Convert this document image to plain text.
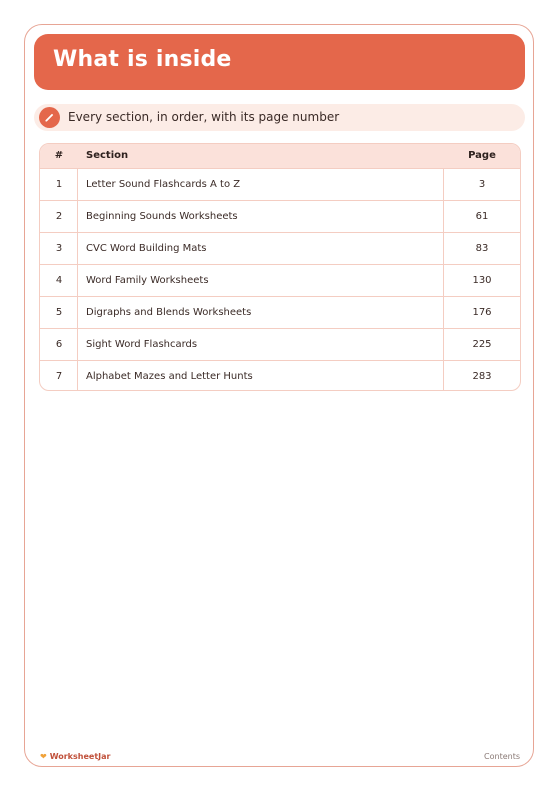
What is inside
Every section, in order, with its page number
#	Section	Page
1	Letter Sound Flashcards A to Z	3
2	Beginning Sounds Worksheets	61
3	CVC Word Building Mats	83
4	Word Family Worksheets	130
5	Digraphs and Blends Worksheets	176
6	Sight Word Flashcards	225
7	Alphabet Mazes and Letter Hunts	283
❤ WorksheetJar	Contents
